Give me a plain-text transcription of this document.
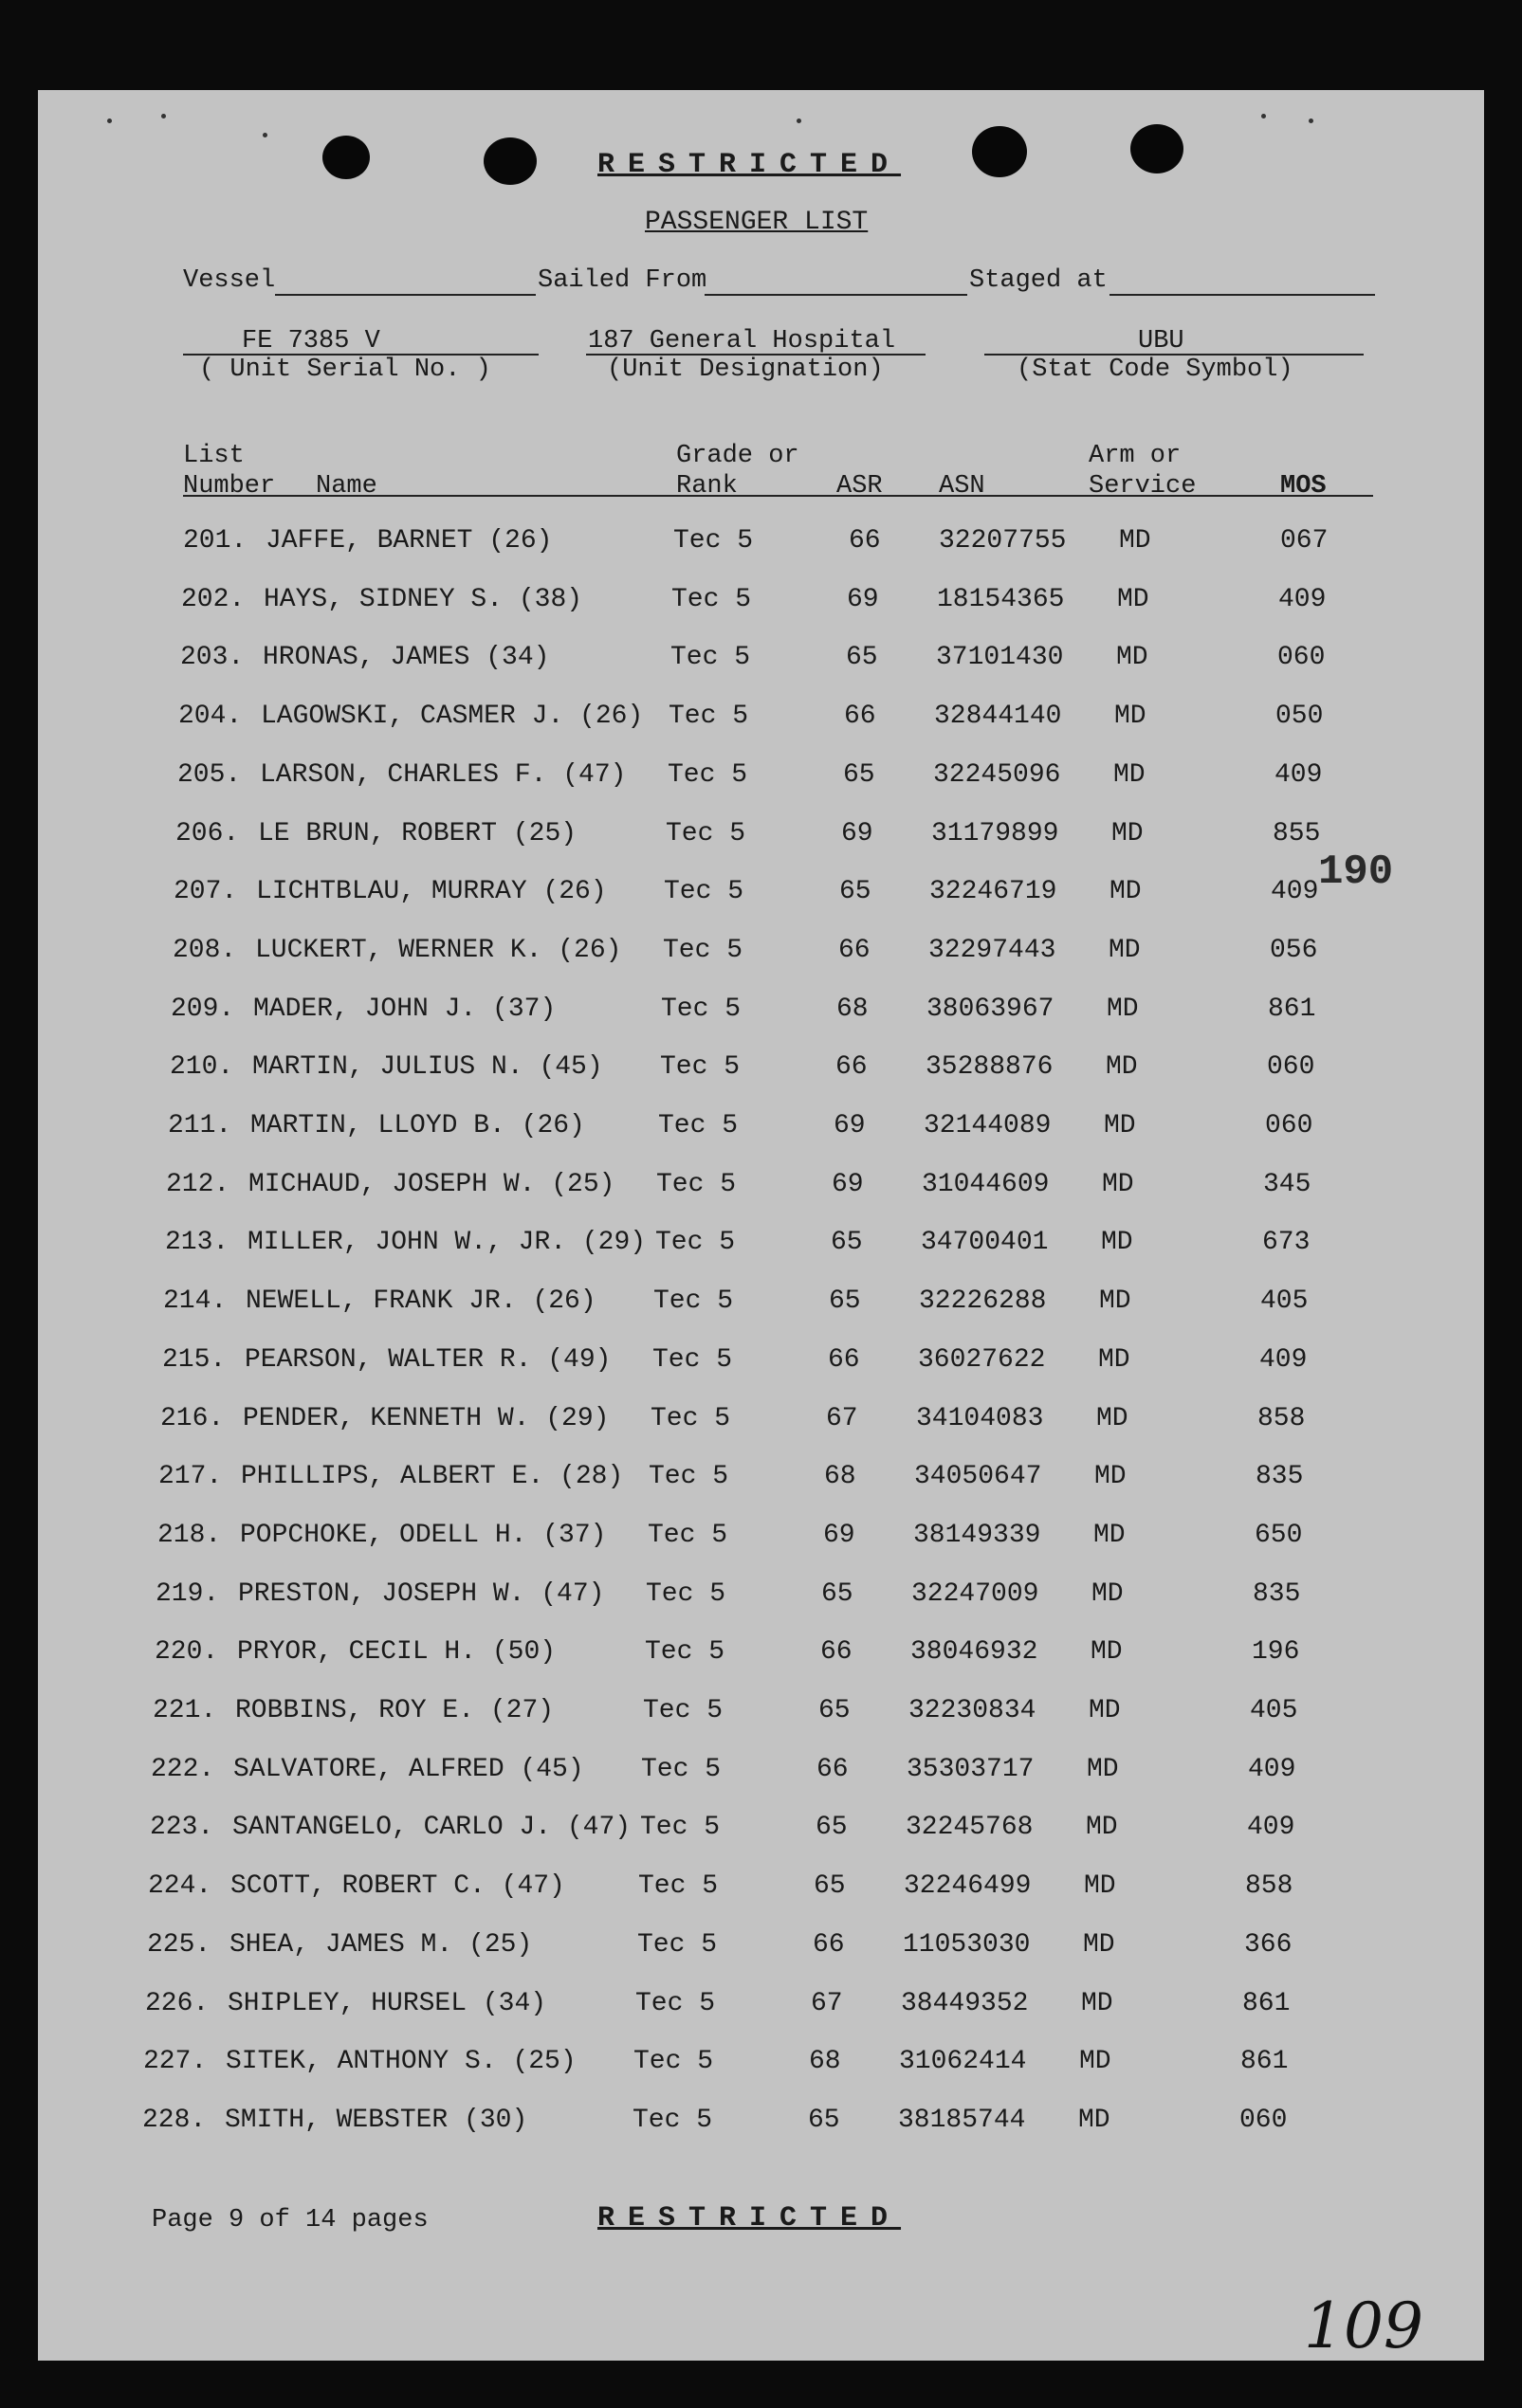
RESTRICTED
PASSENGER LIST
Vessel	Sailed From	Staged at
FE 7385 V
( Unit Serial No. )
187 General Hospital
(Unit Designation)
UBU
(Stat Code Symbol)
List
Number Name
Grade or
Rank	ASR ASN
Arm or
Service	MOS
201. JAFFE, BARNET (26)	Tec 5	66 32207755 MD	067
202. HAYS, SIDNEY S. (38)	Tec 5	69 18154365 MD	409
203. HRONAS, JAMES (34)	Tec 5	65 37101430 MD	060
204. LAGOWSKI, CASMER J. (26) Tec 5	66 32844140 MD	050
205. LARSON, CHARLES F. (47) Tec 5	65 32245096 MD	409
206. LE BRUN, ROBERT (25)	Tec 5	69 31179899 MD	855
207. LICHTBLAU, MURRAY (26) Tec 5	65 32246719 MD	409
208. LUCKERT, WERNER K. (26) Tec 5	66 32297443 MD	056
209. MADER, JOHN J. (37)	Tec 5	68 38063967 MD	861
210. MARTIN, JULIUS N. (45) Tec 5	66 35288876 MD	060
211. MARTIN, LLOYD B. (26)	Tec 5	69 32144089 MD	060
212. MICHAUD, JOSEPH W. (25) Tec 5	69 31044609 MD	345
213. MILLER, JOHN W., JR. (29) Tec 5	65 34700401 MD	673
214. NEWELL, FRANK JR. (26) Tec 5	65 32226288 MD	405
215. PEARSON, WALTER R. (49) Tec 5	66 36027622 MD	409
216. PENDER, KENNETH W. (29) Tec 5	67 34104083 MD	858
217. PHILLIPS, ALBERT E. (28) Tec 5	68 34050647 MD	835
218. POPCHOKE, ODELL H. (37) Tec 5	69 38149339 MD	650
219. PRESTON, JOSEPH W. (47) Tec 5	65 32247009 MD	835
220. PRYOR, CECIL H. (50)	Tec 5	66 38046932 MD	196
221. ROBBINS, ROY E. (27)	Tec 5	65 32230834 MD	405
222. SALVATORE, ALFRED (45) Tec 5	66 35303717 MD	409
223. SANTANGELO, CARLO J. (47) Tec 5	65 32245768 MD	409
224. SCOTT, ROBERT C. (47)	Tec 5	65 32246499 MD	858
225. SHEA, JAMES M. (25)	Tec 5	66 11053030 MD	366
226. SHIPLEY, HURSEL (34)	Tec 5	67 38449352 MD	861
227. SITEK, ANTHONY S. (25) Tec 5	68 31062414 MD	861
228. SMITH, WEBSTER (30)	Tec 5	65 38185744 MD	060
190
Page 9 of 14 pages	RESTRICTED
109
